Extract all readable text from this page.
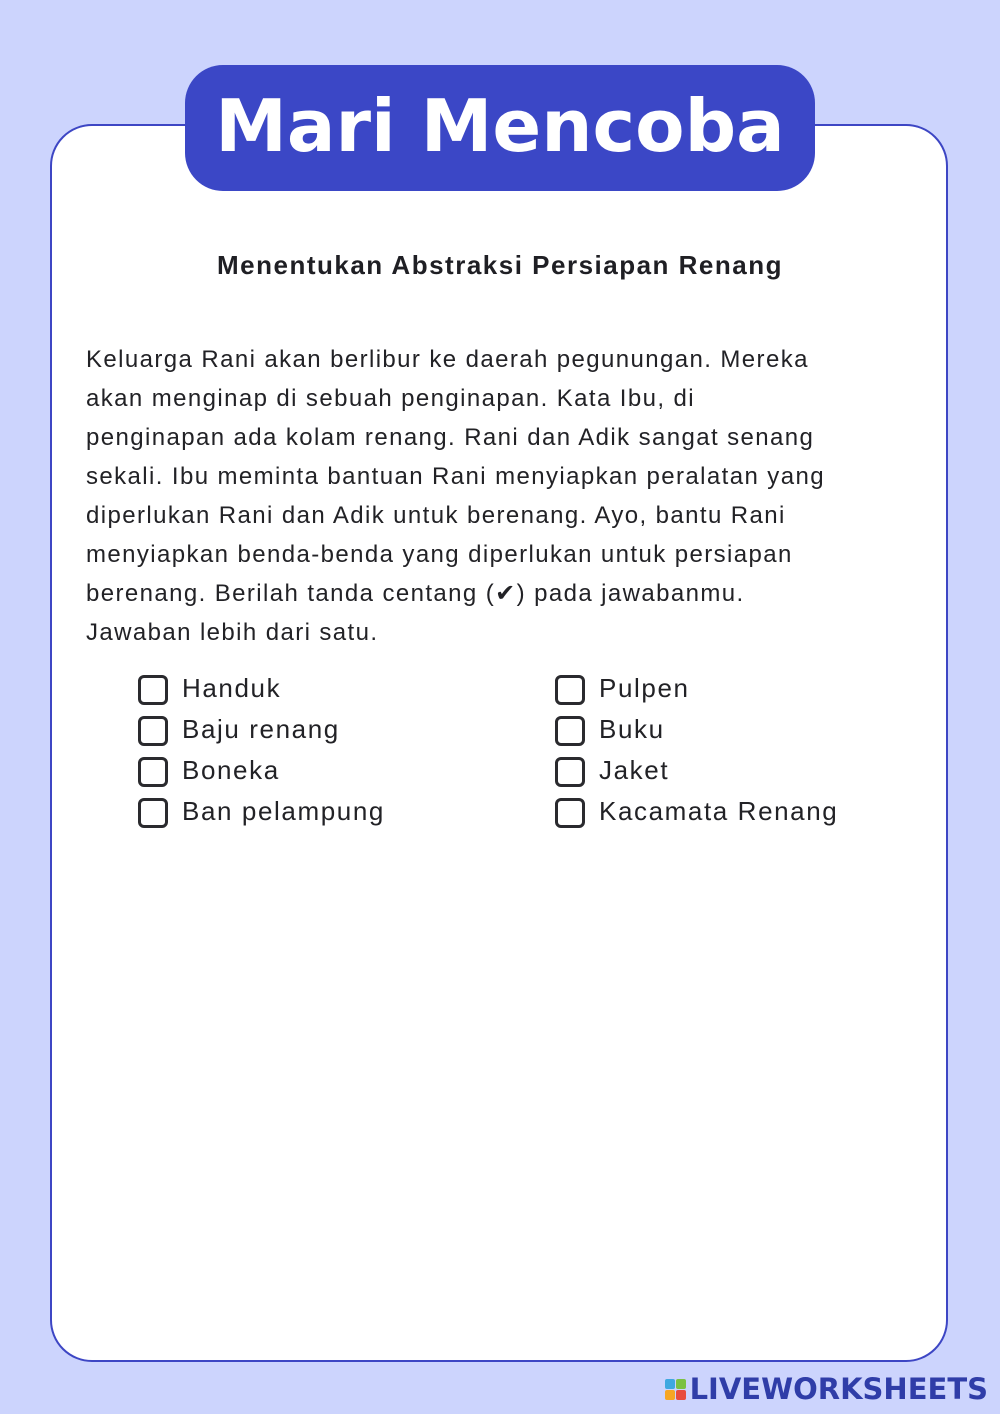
Mari Mencoba
Menentukan Abstraksi Persiapan Renang
Keluarga Rani akan berlibur ke daerah pegunungan. Mereka
akan menginap di sebuah penginapan. Kata Ibu, di
penginapan ada kolam renang. Rani dan Adik sangat senang
sekali. Ibu meminta bantuan Rani menyiapkan peralatan yang
diperlukan Rani dan Adik untuk berenang. Ayo, bantu Rani
menyiapkan benda-benda yang diperlukan untuk persiapan
berenang. Berilah tanda centang (✔) pada jawabanmu.
Jawaban lebih dari satu.
Handuk
Baju renang
Boneka
Ban pelampung
Pulpen
Buku
Jaket
Kacamata Renang
LIVEWORKSHEETS
